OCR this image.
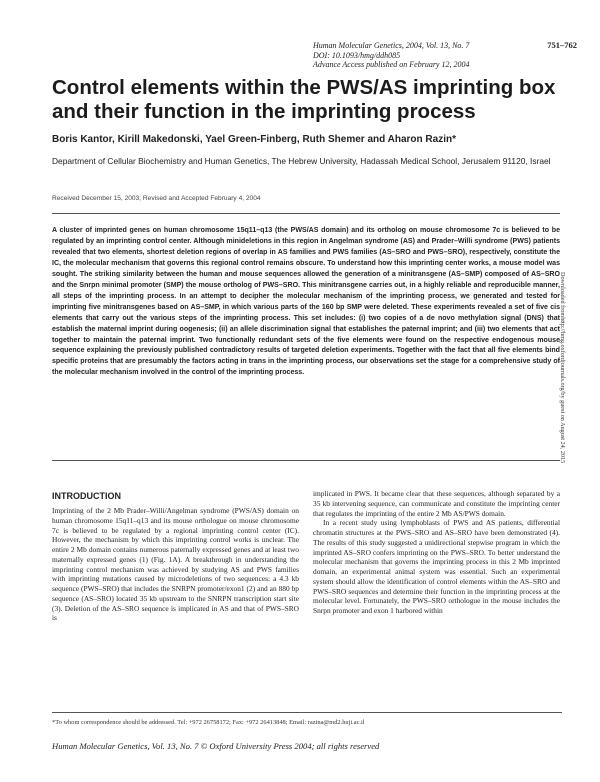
Human Molecular Genetics, 2004, Vol. 13, No. 7	751–762
DOI: 10.1093/hmg/ddh085
Advance Access published on February 12, 2004
Control elements within the PWS/AS imprinting box and their function in the imprinting process
Boris Kantor, Kirill Makedonski, Yael Green-Finberg, Ruth Shemer and Aharon Razin*
Department of Cellular Biochemistry and Human Genetics, The Hebrew University, Hadassah Medical School, Jerusalem 91120, Israel
Received December 15, 2003; Revised and Accepted February 4, 2004

A cluster of imprinted genes on human chromosome 15q11–q13 (the PWS/AS domain) and its ortholog on mouse chromosome 7c is believed to be regulated by an imprinting control center. Although minideletions in this region in Angelman syndrome (AS) and Prader–Willi syndrome (PWS) patients revealed that two elements, shortest deletion regions of overlap in AS families and PWS families (AS–SRO and PWS–SRO), respectively, constitute the IC, the molecular mechanism that governs this regional control remains obscure. To understand how this imprinting center works, a mouse model was sought. The striking similarity between the human and mouse sequences allowed the generation of a minitransgene (AS–SMP) composed of AS–SRO and the Snrpn minimal promoter (SMP) the mouse ortholog of PWS–SRO. This minitransgene carries out, in a highly reliable and reproducible manner, all steps of the imprinting process. In an attempt to decipher the molecular mechanism of the imprinting process, we generated and tested for imprinting five minitransgenes based on AS–SMP, in which various parts of the 160 bp SMP were deleted. These experiments revealed a set of five cis elements that carry out the various steps of the imprinting process. This set includes: (i) two copies of a de novo methylation signal (DNS) that establish the maternal imprint during oogenesis; (ii) an allele discrimination signal that establishes the paternal imprint; and (iii) two elements that act together to maintain the paternal imprint. Two functionally redundant sets of the five elements were found on the respective endogenous mouse sequence explaining the previously published contradictory results of targeted deletion experiments. Together with the fact that all five elements bind specific proteins that are presumably the factors acting in trans in the imprinting process, our observations set the stage for a comprehensive study of the molecular mechanism involved in the control of the imprinting process.

Downloaded fromhttp://hmg.oxfordjournals.org/by guest on August 24, 2015
INTRODUCTION

Imprinting of the 2 Mb Prader–Willi/Angelman syndrome (PWS/AS) domain on human chromosome 15q11–q13 and its mouse orthologue on mouse chromosome 7c is believed to be regulated by a regional imprinting control center (IC). However, the mechanism by which this imprinting control works is unclear. The entire 2 Mb domain contains numerous paternally expressed genes and at least two maternally expressed genes (1) (Fig. 1A). A breakthrough in understanding the imprinting control mechanism was achieved by studying AS and PWS families with imprinting mutations caused by microdeletions of two sequences: a 4.3 kb sequence (PWS–SRO) that includes the SNRPN promoter/exon1 (2) and an 880 bp sequence (AS–SRO) located 35 kb upstream to the SNRPN transcription start site (3). Deletion of the AS–SRO sequence is implicated in AS and that of PWS–SRO is

implicated in PWS. It became clear that these sequences, although separated by a 35 kb intervening sequence, can communicate and constitute the imprinting center that regulates the imprinting of the entire 2 Mb AS/PWS domain.

In a recent study using lymphoblasts of PWS and AS patients, differential chromatin structures at the PWS–SRO and AS–SRO have been demonstrated (4). The results of this study suggested a unidirectional stepwise program in which the imprinted AS–SRO confers imprinting on the PWS–SRO. To better understand the molecular mechanism that governs the imprinting process in this 2 Mb imprinted domain, an experimental animal system was essential. Such an experimental system should allow the identification of control elements within the AS–SRO and PWS–SRO sequences and determine their function in the imprinting process at the molecular level. Fortunately, the PWS–SRO orthologue in the mouse includes the Snrpn promoter and exon 1 harbored within

*To whom correspondence should be addressed. Tel: +972 26758172; Fax: +972 26413848; Email: razina@md2.huji.ac.il
Human Molecular Genetics, Vol. 13, No. 7 © Oxford University Press 2004; all rights reserved
